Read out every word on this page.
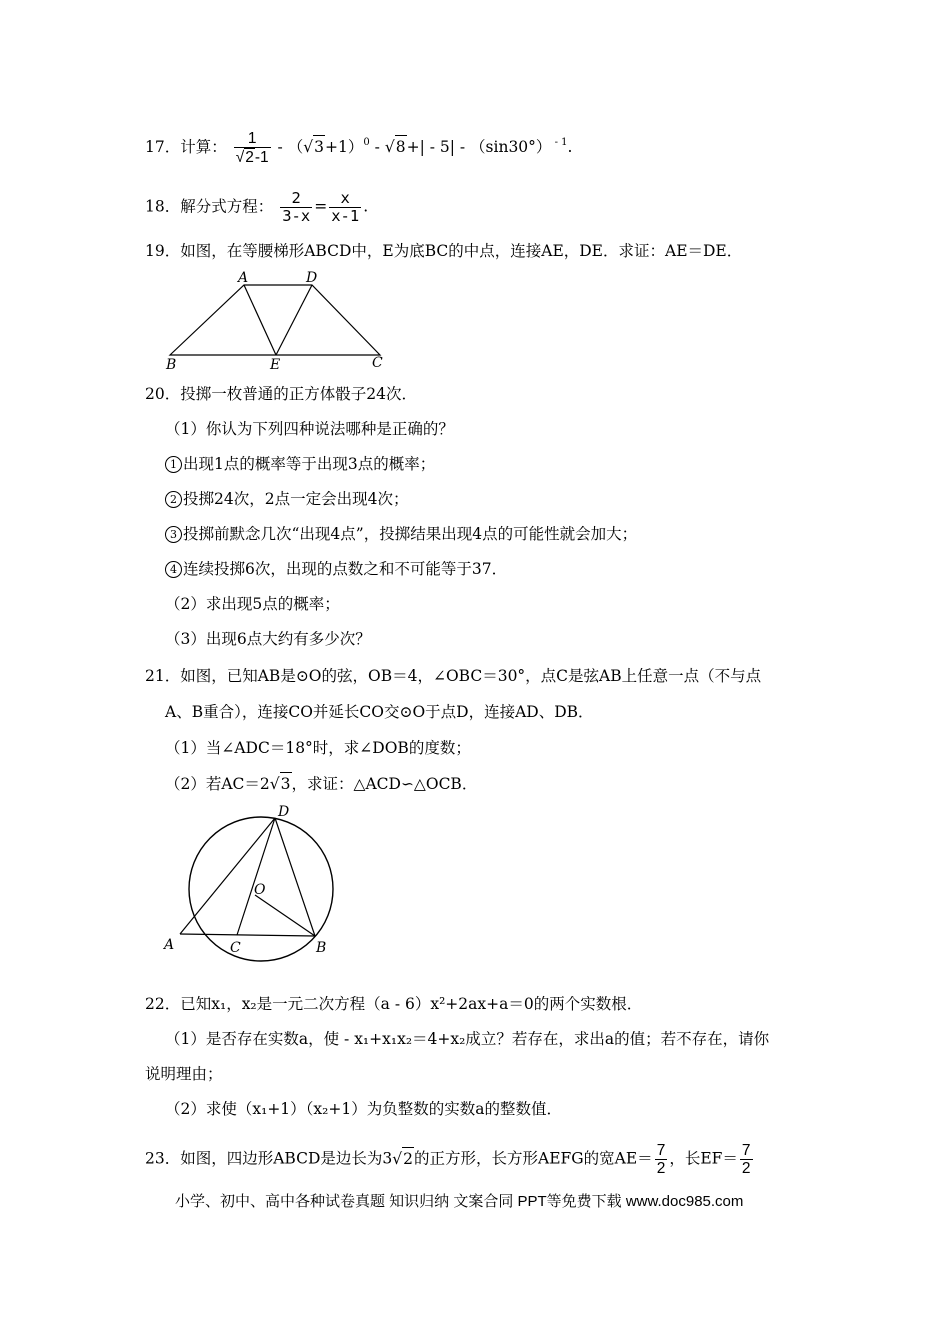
17．计算： $\frac{1}{√2-1} - (√3+1)^0 - √8+| - 5| - (\sin 30^\circ)$ $^{- 1}$.
18．解分式方程： $\frac{2}{3-x} = \frac{x}{x-1}$ .
19．如图，在等腰梯形ABCD中，E为底BC的中点，连接AE，DE．求证：AE＝DE．
A	D
B	E	C
20．投掷一枚普通的正方体骰子24次．
（1）你认为下列四种说法哪种是正确的？
1 出现1点的概率等于出现3点的概率；
2 投掷24次，2点一定会出现4次；
3 投掷前默念几次“出现4点”，投掷结果出现4点的可能性就会加大；
4 连续投掷6次，出现的点数之和不可能等于37．
（2）求出现5点的概率；
（3）出现6点大约有多少次？
21．如图，已知AB是⊙O的弦，OB＝4，∠OBC＝30°，点C是弦AB上任意一点（不与点
A、B重合），连接CO并延长CO交⊙O于点D，连接AD、DB．
（1）当∠ADC＝18°时，求∠DOB的度数；
（2）若AC＝2√3，求证：△ACD∽△OCB．
D
O
A	C	B
22．已知x₁，x₂是一元二次方程（a - 6）x²+2ax+a＝0的两个实数根．
（1）是否存在实数a，使 - x₁+x₁x₂＝4+x₂成立？若存在，求出a的值；若不存在，请你
说明理由；
（2）求使（x₁+1）（x₂+1）为负整数的实数a的整数值．
23．如图，四边形ABCD是边长为3√2的正方形，长方形AEFG的宽$AE= \frac{7}{2}$ ，长$EF= \frac{7}{2}$
小学、初中、高中各种试卷真题 知识归纳 文案合同 PPT等免费下载 www.doc985.com
